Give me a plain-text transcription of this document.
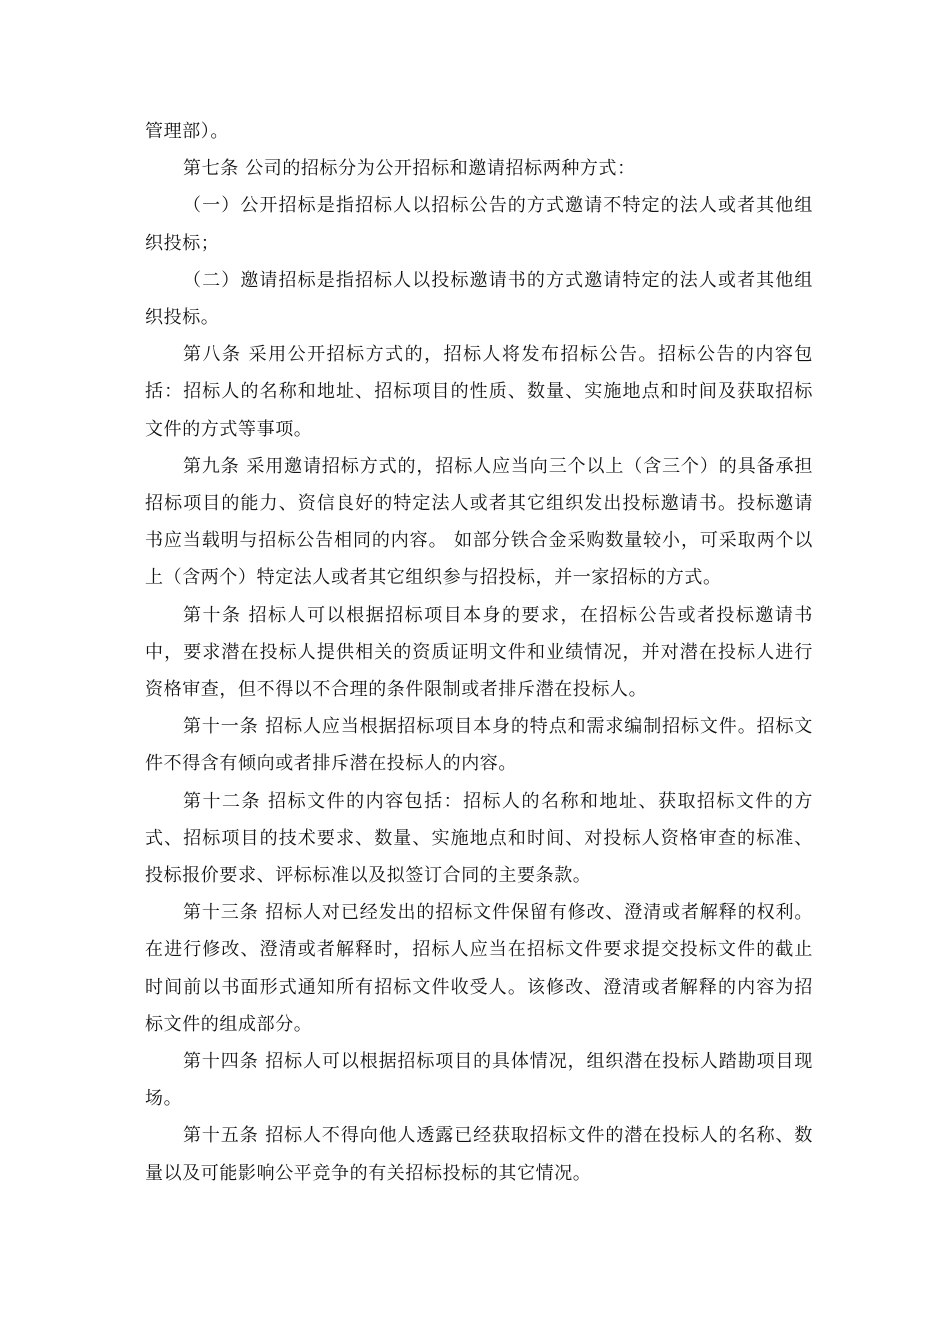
管理部）。

第七条 公司的招标分为公开招标和邀请招标两种方式：

（一）公开招标是指招标人以招标公告的方式邀请不特定的法人或者其他组织投标；

（二）邀请招标是指招标人以投标邀请书的方式邀请特定的法人或者其他组织投标。

第八条 采用公开招标方式的，招标人将发布招标公告。招标公告的内容包括：招标人的名称和地址、招标项目的性质、数量、实施地点和时间及获取招标文件的方式等事项。

第九条 采用邀请招标方式的，招标人应当向三个以上（含三个）的具备承担招标项目的能力、资信良好的特定法人或者其它组织发出投标邀请书。投标邀请书应当载明与招标公告相同的内容。 如部分铁合金采购数量较小，可采取两个以上（含两个）特定法人或者其它组织参与招投标，并一家招标的方式。

第十条 招标人可以根据招标项目本身的要求，在招标公告或者投标邀请书中，要求潜在投标人提供相关的资质证明文件和业绩情况，并对潜在投标人进行资格审查，但不得以不合理的条件限制或者排斥潜在投标人。

第十一条 招标人应当根据招标项目本身的特点和需求编制招标文件。招标文件不得含有倾向或者排斥潜在投标人的内容。

第十二条 招标文件的内容包括：招标人的名称和地址、获取招标文件的方式、招标项目的技术要求、数量、实施地点和时间、对投标人资格审查的标准、投标报价要求、评标标准以及拟签订合同的主要条款。

第十三条 招标人对已经发出的招标文件保留有修改、澄清或者解释的权利。在进行修改、澄清或者解释时，招标人应当在招标文件要求提交投标文件的截止时间前以书面形式通知所有招标文件收受人。该修改、澄清或者解释的内容为招标文件的组成部分。

第十四条 招标人可以根据招标项目的具体情况，组织潜在投标人踏勘项目现场。

第十五条 招标人不得向他人透露已经获取招标文件的潜在投标人的名称、数量以及可能影响公平竞争的有关招标投标的其它情况。
